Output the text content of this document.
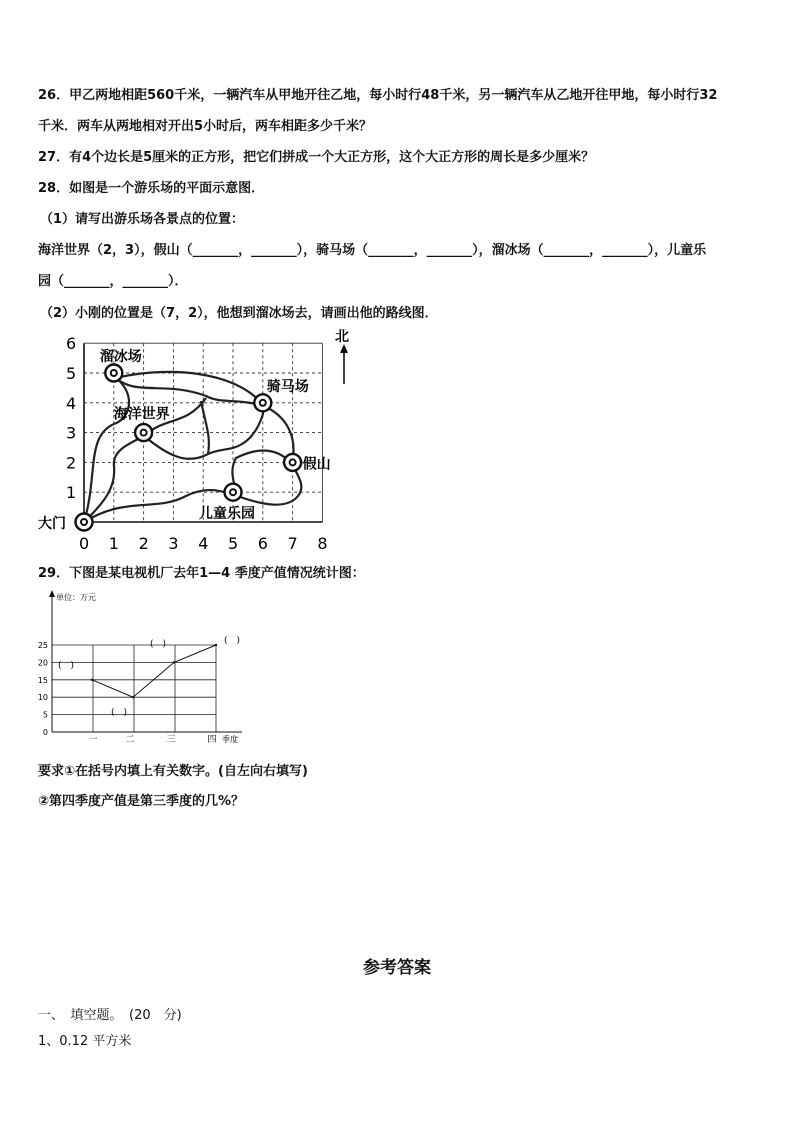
26．甲乙两地相距560千米，一辆汽车从甲地开往乙地，每小时行48千米，另一辆汽车从乙地开往甲地，每小时行32
千米．两车从两地相对开出5小时后，两车相距多少千米？
27．有4个边长是5厘米的正方形，把它们拼成一个大正方形，这个大正方形的周长是多少厘米？
28．如图是一个游乐场的平面示意图．
（1）请写出游乐场各景点的位置：
海洋世界（2，3），假山（_______，_______），骑马场（_______，_______），溜冰场（_______，_______），儿童乐
园（_______，_______）．
（2）小刚的位置是（7，2），他想到溜冰场去，请画出他的路线图．
0 1 2 3 4 5 6 7 8
1
2
3
4
5
6
溜冰场
骑马场
海洋世界
假山
儿童乐园
大门
北
29．下图是某电视机厂去年1—4 季度产值情况统计图：
0
5
10
15
20
25
单位：万元
一	二	三	四 季度
(　)
(　)
(　)	(　)
要求①在括号内填上有关数字。(自左向右填写)
②第四季度产值是第三季度的几%？
参考答案
一、　填空题。　(20　分)
1、0.12 平方米
